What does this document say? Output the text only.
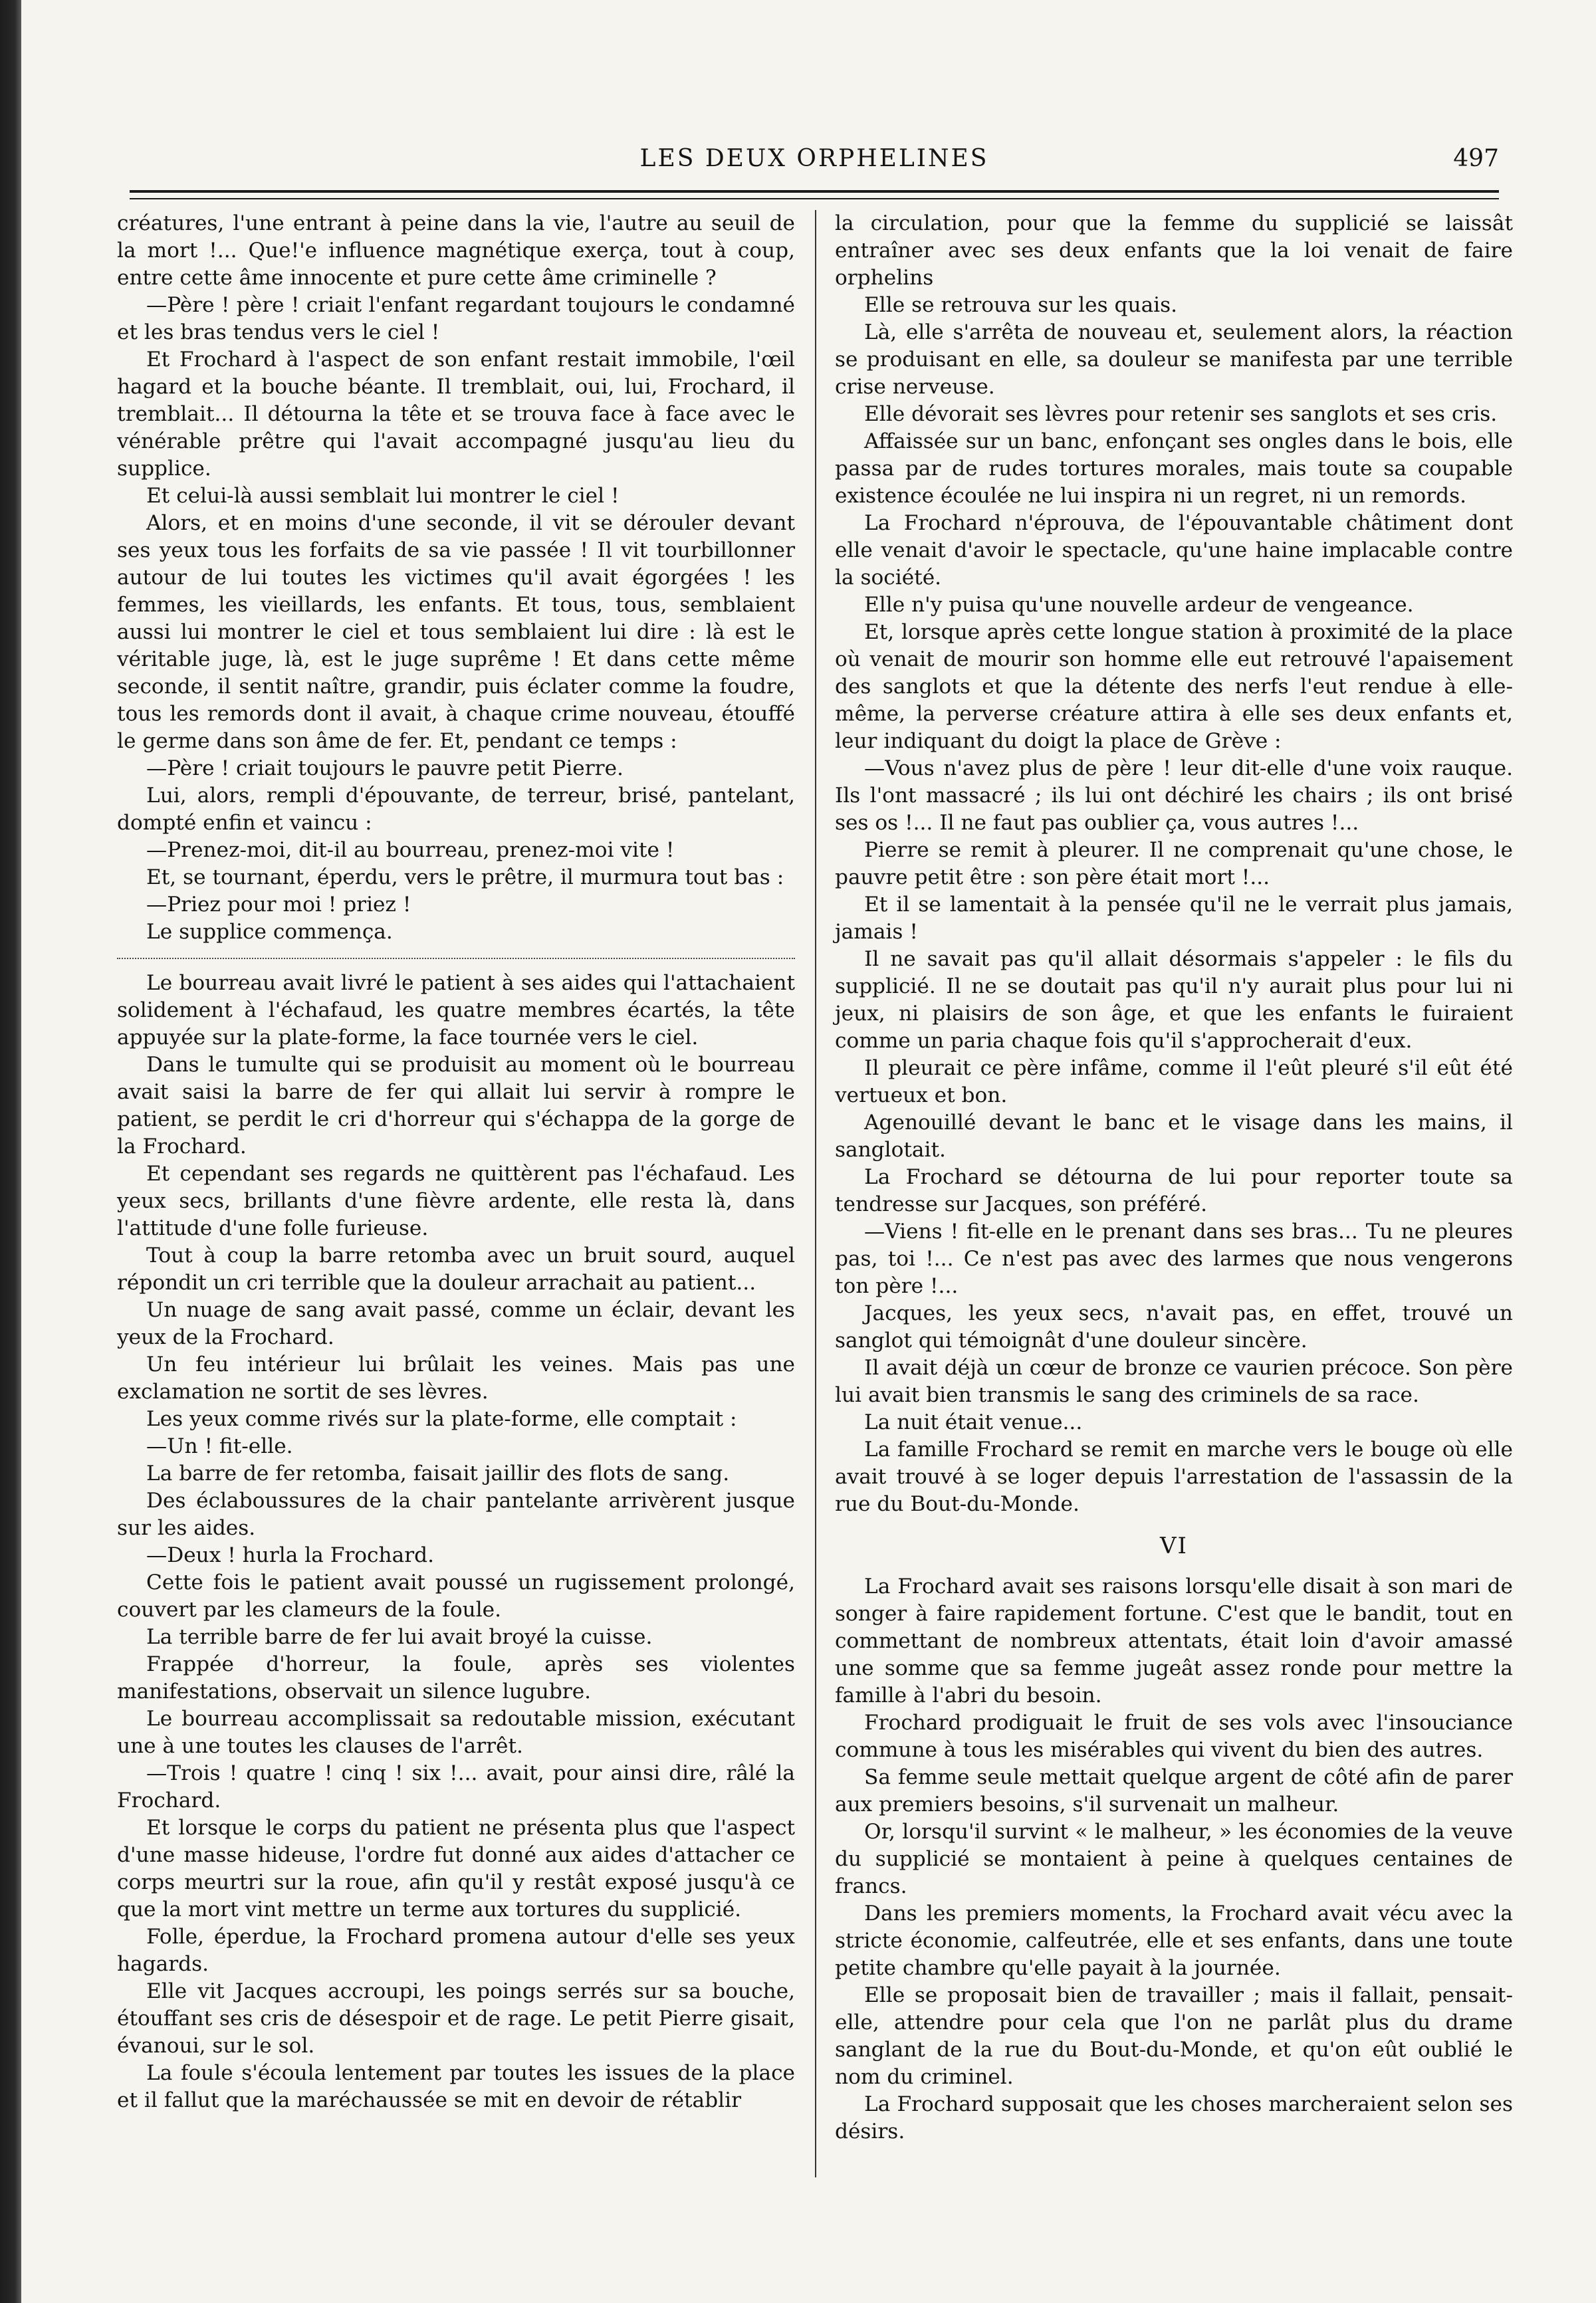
LES DEUX ORPHELINES	497

créatures, l'une entrant à peine dans la vie, l'autre au seuil de la mort !... Que!'e influence magnétique exerça, tout à coup, entre cette âme innocente et pure cette âme criminelle ?

—Père ! père ! criait l'enfant regardant toujours le condamné et les bras tendus vers le ciel !

Et Frochard à l'aspect de son enfant restait immobile, l'œil hagard et la bouche béante. Il tremblait, oui, lui, Frochard, il tremblait... Il détourna la tête et se trouva face à face avec le vénérable prêtre qui l'avait accompagné jusqu'au lieu du supplice.

Et celui-là aussi semblait lui montrer le ciel !

Alors, et en moins d'une seconde, il vit se dérouler devant ses yeux tous les forfaits de sa vie passée ! Il vit tourbillonner autour de lui toutes les victimes qu'il avait égorgées ! les femmes, les vieillards, les enfants. Et tous, tous, semblaient aussi lui montrer le ciel et tous semblaient lui dire : là est le véritable juge, là, est le juge suprême ! Et dans cette même seconde, il sentit naître, grandir, puis éclater comme la foudre, tous les remords dont il avait, à chaque crime nouveau, étouffé le germe dans son âme de fer. Et, pendant ce temps :

—Père ! criait toujours le pauvre petit Pierre.

Lui, alors, rempli d'épouvante, de terreur, brisé, pantelant, dompté enfin et vaincu :

—Prenez-moi, dit-il au bourreau, prenez-moi vite !

Et, se tournant, éperdu, vers le prêtre, il murmura tout bas :

—Priez pour moi ! priez !

Le supplice commença.

Le bourreau avait livré le patient à ses aides qui l'attachaient solidement à l'échafaud, les quatre membres écartés, la tête appuyée sur la plate-forme, la face tournée vers le ciel.

Dans le tumulte qui se produisit au moment où le bourreau avait saisi la barre de fer qui allait lui servir à rompre le patient, se perdit le cri d'horreur qui s'échappa de la gorge de la Frochard.

Et cependant ses regards ne quittèrent pas l'échafaud. Les yeux secs, brillants d'une fièvre ardente, elle resta là, dans l'attitude d'une folle furieuse.

Tout à coup la barre retomba avec un bruit sourd, auquel répondit un cri terrible que la douleur arrachait au patient...

Un nuage de sang avait passé, comme un éclair, devant les yeux de la Frochard.

Un feu intérieur lui brûlait les veines. Mais pas une exclamation ne sortit de ses lèvres.

Les yeux comme rivés sur la plate-forme, elle comptait :

—Un ! fit-elle.

La barre de fer retomba, faisait jaillir des flots de sang.

Des éclaboussures de la chair pantelante arrivèrent jusque sur les aides.

—Deux ! hurla la Frochard.

Cette fois le patient avait poussé un rugissement prolongé, couvert par les clameurs de la foule.

La terrible barre de fer lui avait broyé la cuisse.

Frappée d'horreur, la foule, après ses violentes manifestations, observait un silence lugubre.

Le bourreau accomplissait sa redoutable mission, exécutant une à une toutes les clauses de l'arrêt.

—Trois ! quatre ! cinq ! six !... avait, pour ainsi dire, râlé la Frochard.

Et lorsque le corps du patient ne présenta plus que l'aspect d'une masse hideuse, l'ordre fut donné aux aides d'attacher ce corps meurtri sur la roue, afin qu'il y restât exposé jusqu'à ce que la mort vint mettre un terme aux tortures du supplicié.

Folle, éperdue, la Frochard promena autour d'elle ses yeux hagards.

Elle vit Jacques accroupi, les poings serrés sur sa bouche, étouffant ses cris de désespoir et de rage. Le petit Pierre gisait, évanoui, sur le sol.

La foule s'écoula lentement par toutes les issues de la place et il fallut que la maréchaussée se mit en devoir de rétablir

la circulation, pour que la femme du supplicié se laissât entraîner avec ses deux enfants que la loi venait de faire orphelins

Elle se retrouva sur les quais.

Là, elle s'arrêta de nouveau et, seulement alors, la réaction se produisant en elle, sa douleur se manifesta par une terrible crise nerveuse.

Elle dévorait ses lèvres pour retenir ses sanglots et ses cris.

Affaissée sur un banc, enfonçant ses ongles dans le bois, elle passa par de rudes tortures morales, mais toute sa coupable existence écoulée ne lui inspira ni un regret, ni un remords.

La Frochard n'éprouva, de l'épouvantable châtiment dont elle venait d'avoir le spectacle, qu'une haine implacable contre la société.

Elle n'y puisa qu'une nouvelle ardeur de vengeance.

Et, lorsque après cette longue station à proximité de la place où venait de mourir son homme elle eut retrouvé l'apaisement des sanglots et que la détente des nerfs l'eut rendue à elle-même, la perverse créature attira à elle ses deux enfants et, leur indiquant du doigt la place de Grève :

—Vous n'avez plus de père ! leur dit-elle d'une voix rauque. Ils l'ont massacré ; ils lui ont déchiré les chairs ; ils ont brisé ses os !... Il ne faut pas oublier ça, vous autres !...

Pierre se remit à pleurer. Il ne comprenait qu'une chose, le pauvre petit être : son père était mort !...

Et il se lamentait à la pensée qu'il ne le verrait plus jamais, jamais !

Il ne savait pas qu'il allait désormais s'appeler : le fils du supplicié. Il ne se doutait pas qu'il n'y aurait plus pour lui ni jeux, ni plaisirs de son âge, et que les enfants le fuiraient comme un paria chaque fois qu'il s'approcherait d'eux.

Il pleurait ce père infâme, comme il l'eût pleuré s'il eût été vertueux et bon.

Agenouillé devant le banc et le visage dans les mains, il sanglotait.

La Frochard se détourna de lui pour reporter toute sa tendresse sur Jacques, son préféré.

—Viens ! fit-elle en le prenant dans ses bras... Tu ne pleures pas, toi !... Ce n'est pas avec des larmes que nous vengerons ton père !...

Jacques, les yeux secs, n'avait pas, en effet, trouvé un sanglot qui témoignât d'une douleur sincère.

Il avait déjà un cœur de bronze ce vaurien précoce. Son père lui avait bien transmis le sang des criminels de sa race.

La nuit était venue...

La famille Frochard se remit en marche vers le bouge où elle avait trouvé à se loger depuis l'arrestation de l'assassin de la rue du Bout-du-Monde.

VI

La Frochard avait ses raisons lorsqu'elle disait à son mari de songer à faire rapidement fortune. C'est que le bandit, tout en commettant de nombreux attentats, était loin d'avoir amassé une somme que sa femme jugeât assez ronde pour mettre la famille à l'abri du besoin.

Frochard prodiguait le fruit de ses vols avec l'insouciance commune à tous les misérables qui vivent du bien des autres.

Sa femme seule mettait quelque argent de côté afin de parer aux premiers besoins, s'il survenait un malheur.

Or, lorsqu'il survint « le malheur, » les économies de la veuve du supplicié se montaient à peine à quelques centaines de francs.

Dans les premiers moments, la Frochard avait vécu avec la stricte économie, calfeutrée, elle et ses enfants, dans une toute petite chambre qu'elle payait à la journée.

Elle se proposait bien de travailler ; mais il fallait, pensait-elle, attendre pour cela que l'on ne parlât plus du drame sanglant de la rue du Bout-du-Monde, et qu'on eût oublié le nom du criminel.

La Frochard supposait que les choses marcheraient selon ses désirs.
